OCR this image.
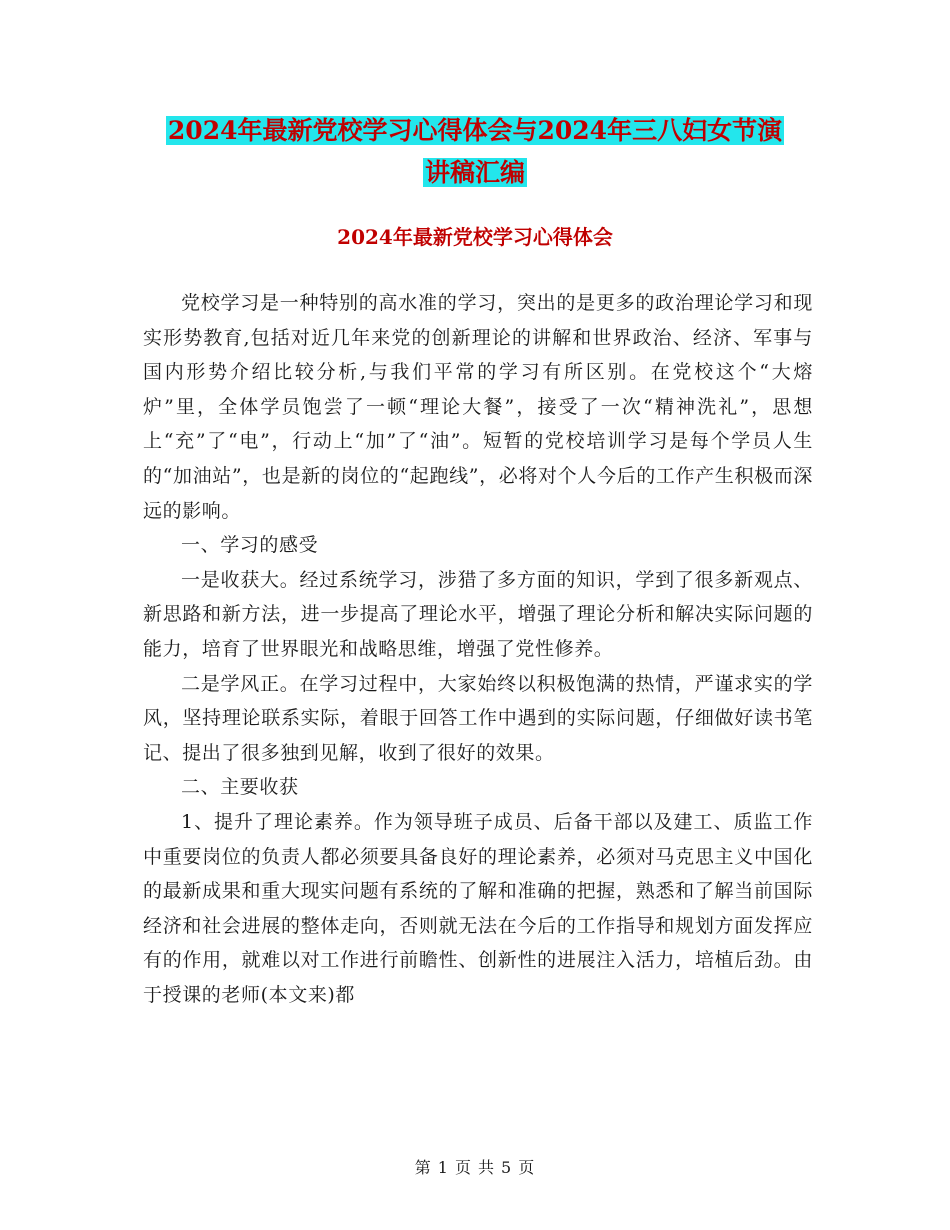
2024年最新党校学习心得体会与2024年三八妇女节演
讲稿汇编
2024年最新党校学习心得体会

党校学习是一种特别的高水准的学习，突出的是更多的政治理论学习和现实形势教育,包括对近几年来党的创新理论的讲解和世界政治、经济、军事与国内形势介绍比较分析,与我们平常的学习有所区别。在党校这个“大熔炉”里，全体学员饱尝了一顿“理论大餐”，接受了一次“精神洗礼”，思想上“充”了“电”，行动上“加”了“油”。短暂的党校培训学习是每个学员人生的“加油站”，也是新的岗位的“起跑线”，必将对个人今后的工作产生积极而深远的影响。

一、学习的感受

一是收获大。经过系统学习，涉猎了多方面的知识，学到了很多新观点、新思路和新方法，进一步提高了理论水平，增强了理论分析和解决实际问题的能力，培育了世界眼光和战略思维，增强了党性修养。

二是学风正。在学习过程中，大家始终以积极饱满的热情，严谨求实的学风，坚持理论联系实际，着眼于回答工作中遇到的实际问题，仔细做好读书笔记、提出了很多独到见解，收到了很好的效果。

二、主要收获

1、提升了理论素养。作为领导班子成员、后备干部以及建工、质监工作中重要岗位的负责人都必须要具备良好的理论素养，必须对马克思主义中国化的最新成果和重大现实问题有系统的了解和准确的把握，熟悉和了解当前国际经济和社会进展的整体走向，否则就无法在今后的工作指导和规划方面发挥应有的作用，就难以对工作进行前瞻性、创新性的进展注入活力，培植后劲。由于授课的老师(本文来)都

第 1 页 共 5 页
